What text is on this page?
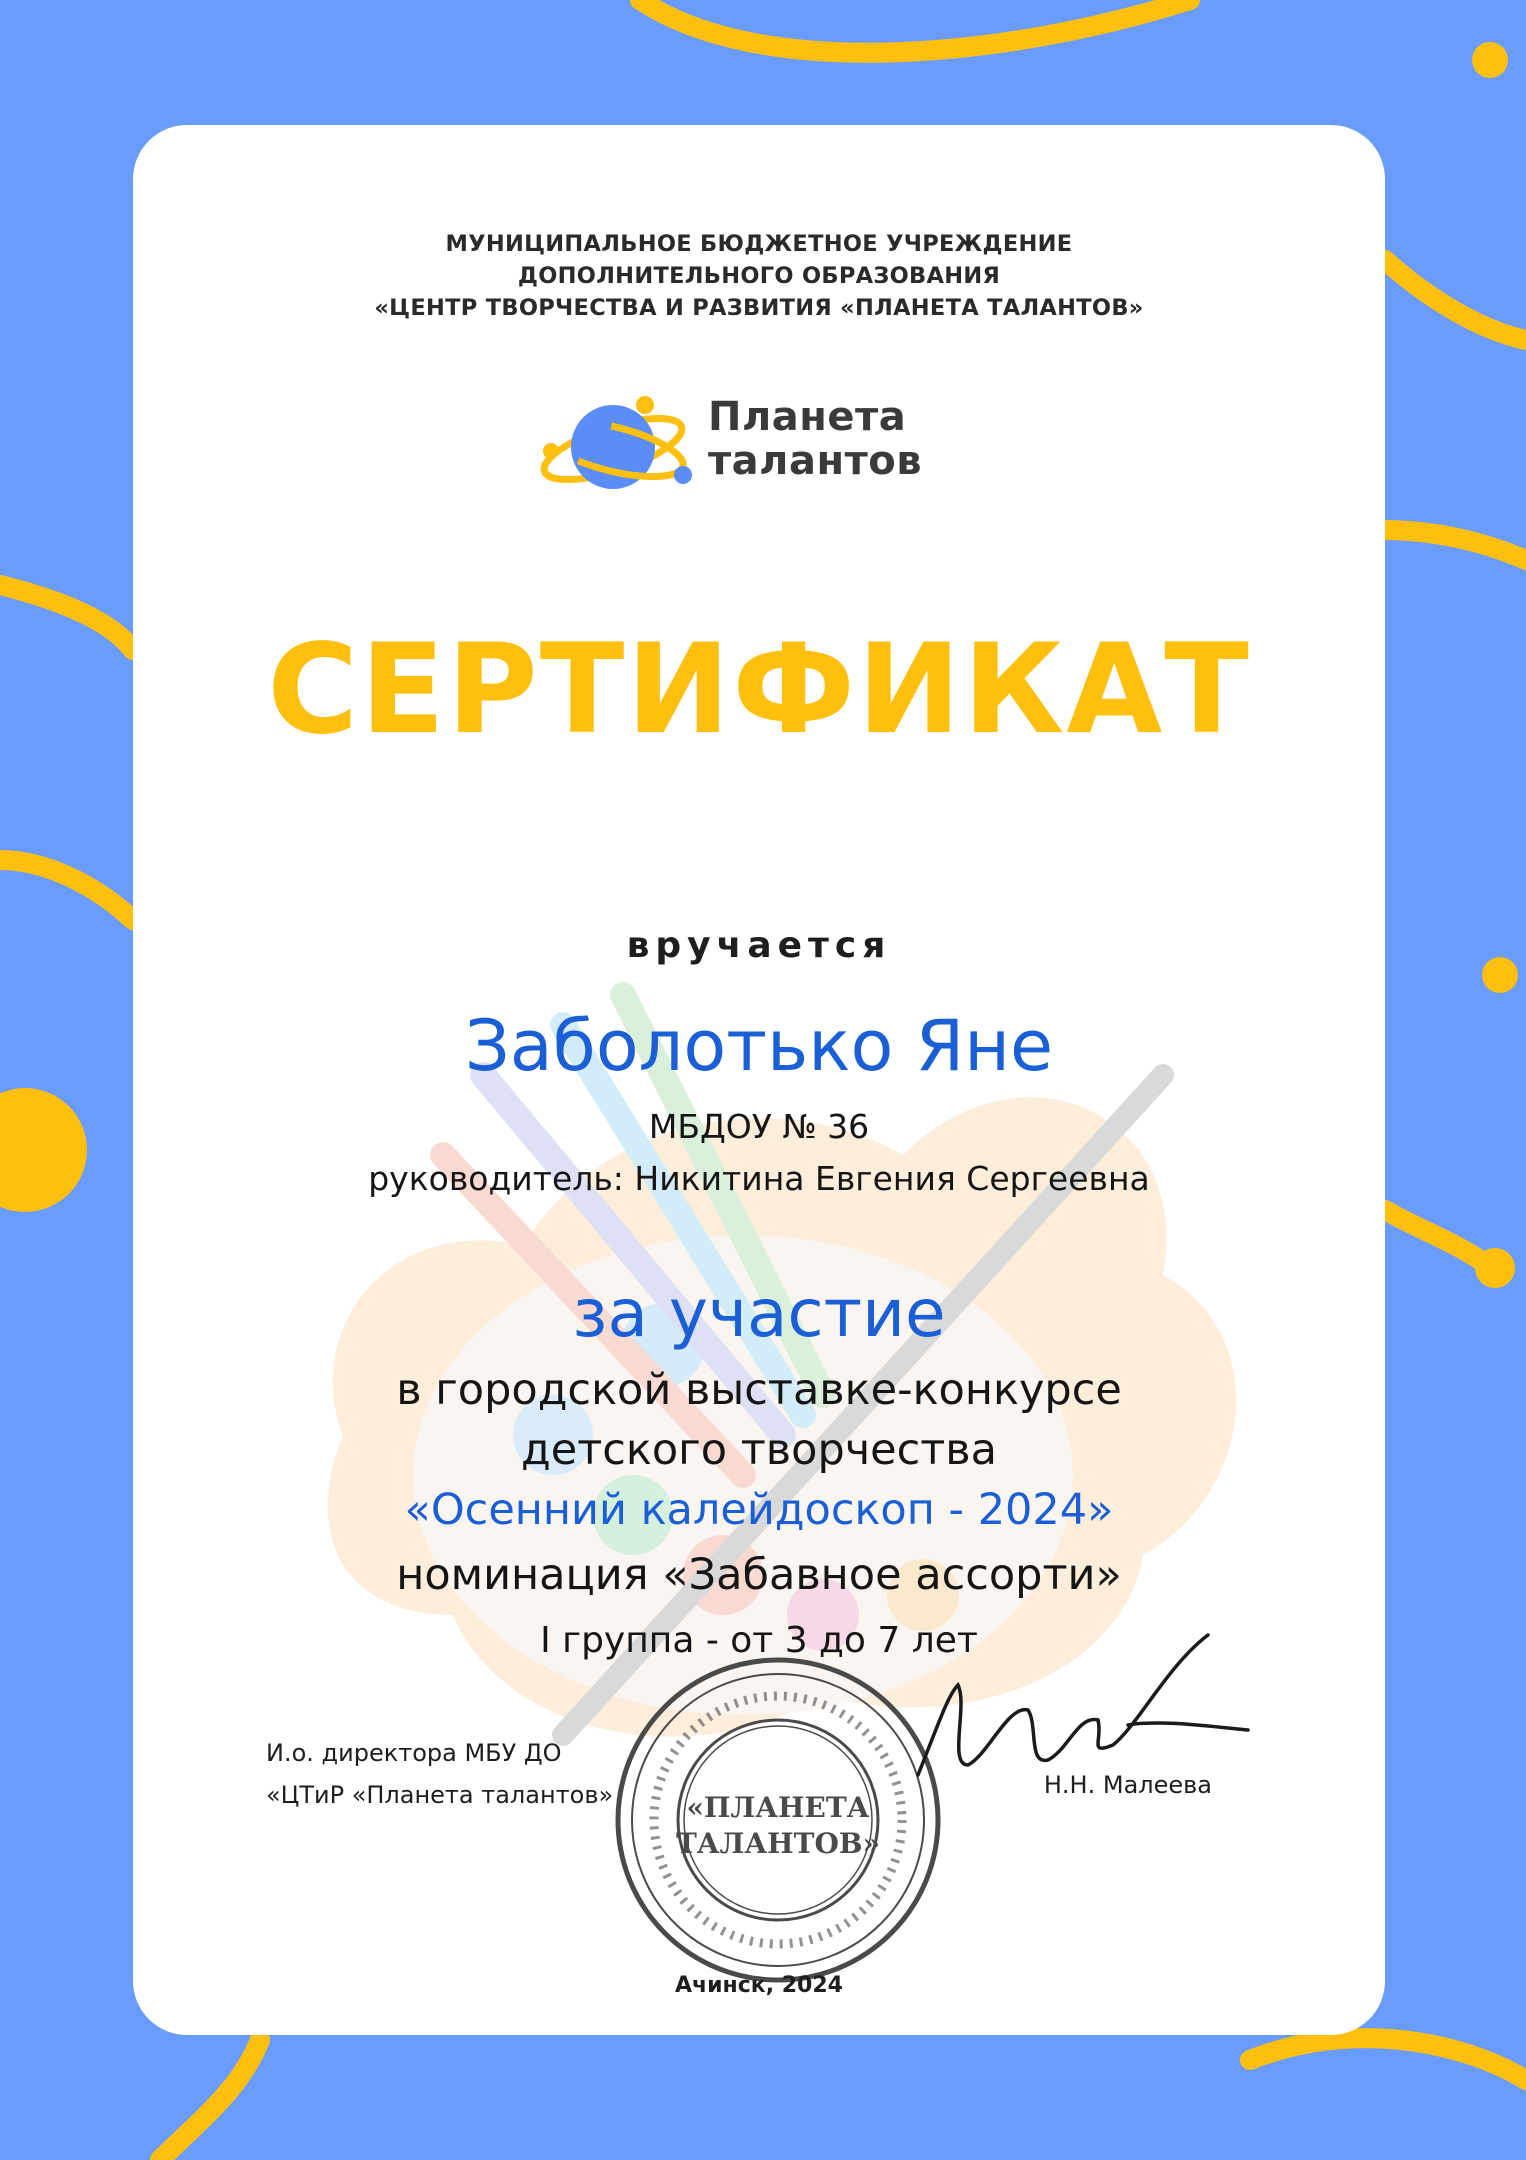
МУНИЦИПАЛЬНОЕ БЮДЖЕТНОЕ УЧРЕЖДЕНИЕ
ДОПОЛНИТЕЛЬНОГО ОБРАЗОВАНИЯ
«ЦЕНТР ТВОРЧЕСТВА И РАЗВИТИЯ «ПЛАНЕТА ТАЛАНТОВ»
Планета
талантов
СЕРТИФИКАТ

вручается

Заболотько Яне

МБДОУ № 36

руководитель: Никитина Евгения Сергеевна

за участие

в городской выставке-конкурсе

детского творчества

«Осенний калейдоскоп - 2024»

номинация «Забавное ассорти»

I группа - от 3 до 7 лет

И.о. директора МБУ ДО
«ЦТиР «Планета талантов»	«ПЛАНЕТА
ТАЛАНТОВ»
Н.Н. Малеева

Ачинск, 2024
